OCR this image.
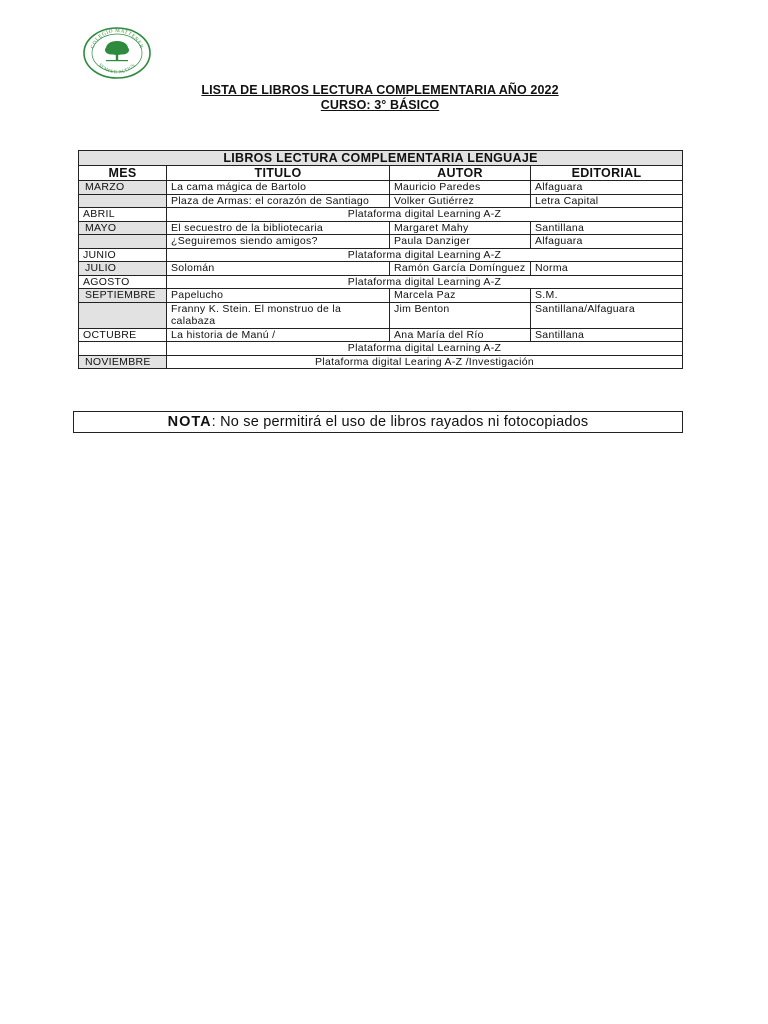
COLEGIO MATTENER
SEMPER ALTIUS
LISTA DE LIBROS LECTURA COMPLEMENTARIA AÑO 2022
CURSO: 3° BÁSICO
LIBROS LECTURA COMPLEMENTARIA LENGUAJE			
MES	TITULO	AUTOR	EDITORIAL
MARZO	La cama mágica de Bartolo	Mauricio Paredes	Alfaguara
	Plaza de Armas: el corazón de Santiago	Volker Gutiérrez	Letra Capital
ABRIL	Plataforma digital Learning A-Z		
MAYO	El secuestro de la bibliotecaria	Margaret Mahy	Santillana
	¿Seguiremos siendo amigos?	Paula Danziger	Alfaguara
JUNIO	Plataforma digital Learning A-Z		
JULIO	Solomán	Ramón García Domínguez	Norma
AGOSTO	Plataforma digital Learning A-Z		
SEPTIEMBRE	Papelucho	Marcela Paz	S.M.
	Franny K. Stein. El monstruo de la calabaza	Jim Benton	Santillana/Alfaguara
OCTUBRE	La historia de Manú /	Ana María del Río	Santillana
	Plataforma digital Learning A-Z		
NOVIEMBRE	Plataforma digital Learing A-Z /Investigación		
NOTA: No se permitirá el uso de libros rayados ni fotocopiados
